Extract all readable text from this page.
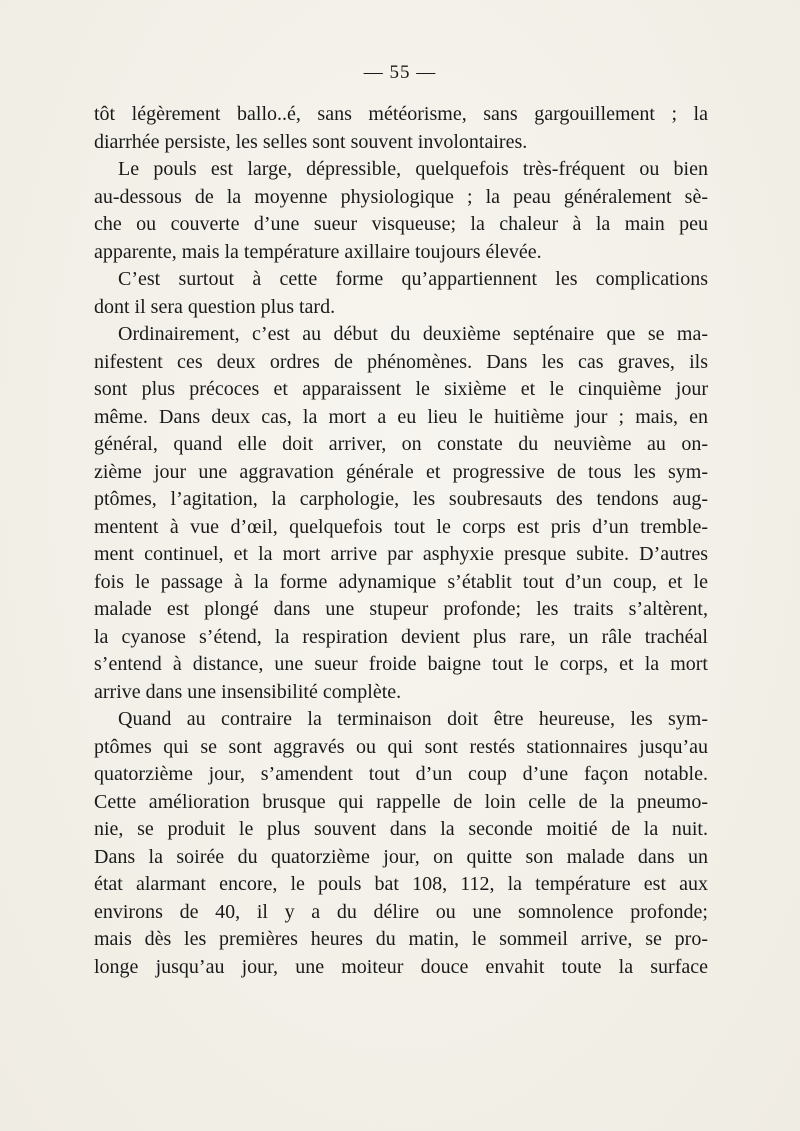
— 55 —
tôt légèrement ballo..é, sans météorisme, sans gargouillement ; la
diarrhée persiste, les selles sont souvent involontaires.
Le pouls est large, dépressible, quelquefois très-fréquent ou bien
au-dessous de la moyenne physiologique ; la peau généralement sè-
che ou couverte d’une sueur visqueuse; la chaleur à la main peu
apparente, mais la température axillaire toujours élevée.
C’est surtout à cette forme qu’appartiennent les complications
dont il sera question plus tard.
Ordinairement, c’est au début du deuxième septénaire que se ma-
nifestent ces deux ordres de phénomènes. Dans les cas graves, ils
sont plus précoces et apparaissent le sixième et le cinquième jour
même. Dans deux cas, la mort a eu lieu le huitième jour ; mais, en
général, quand elle doit arriver, on constate du neuvième au on-
zième jour une aggravation générale et progressive de tous les sym-
ptômes, l’agitation, la carphologie, les soubresauts des tendons aug-
mentent à vue d’œil, quelquefois tout le corps est pris d’un tremble-
ment continuel, et la mort arrive par asphyxie presque subite. D’autres
fois le passage à la forme adynamique s’établit tout d’un coup, et le
malade est plongé dans une stupeur profonde; les traits s’altèrent,
la cyanose s’étend, la respiration devient plus rare, un râle trachéal
s’entend à distance, une sueur froide baigne tout le corps, et la mort
arrive dans une insensibilité complète.
Quand au contraire la terminaison doit être heureuse, les sym-
ptômes qui se sont aggravés ou qui sont restés stationnaires jusqu’au
quatorzième jour, s’amendent tout d’un coup d’une façon notable.
Cette amélioration brusque qui rappelle de loin celle de la pneumo-
nie, se produit le plus souvent dans la seconde moitié de la nuit.
Dans la soirée du quatorzième jour, on quitte son malade dans un
état alarmant encore, le pouls bat 108, 112, la température est aux
environs de 40, il y a du délire ou une somnolence profonde;
mais dès les premières heures du matin, le sommeil arrive, se pro-
longe jusqu’au jour, une moiteur douce envahit toute la surface
